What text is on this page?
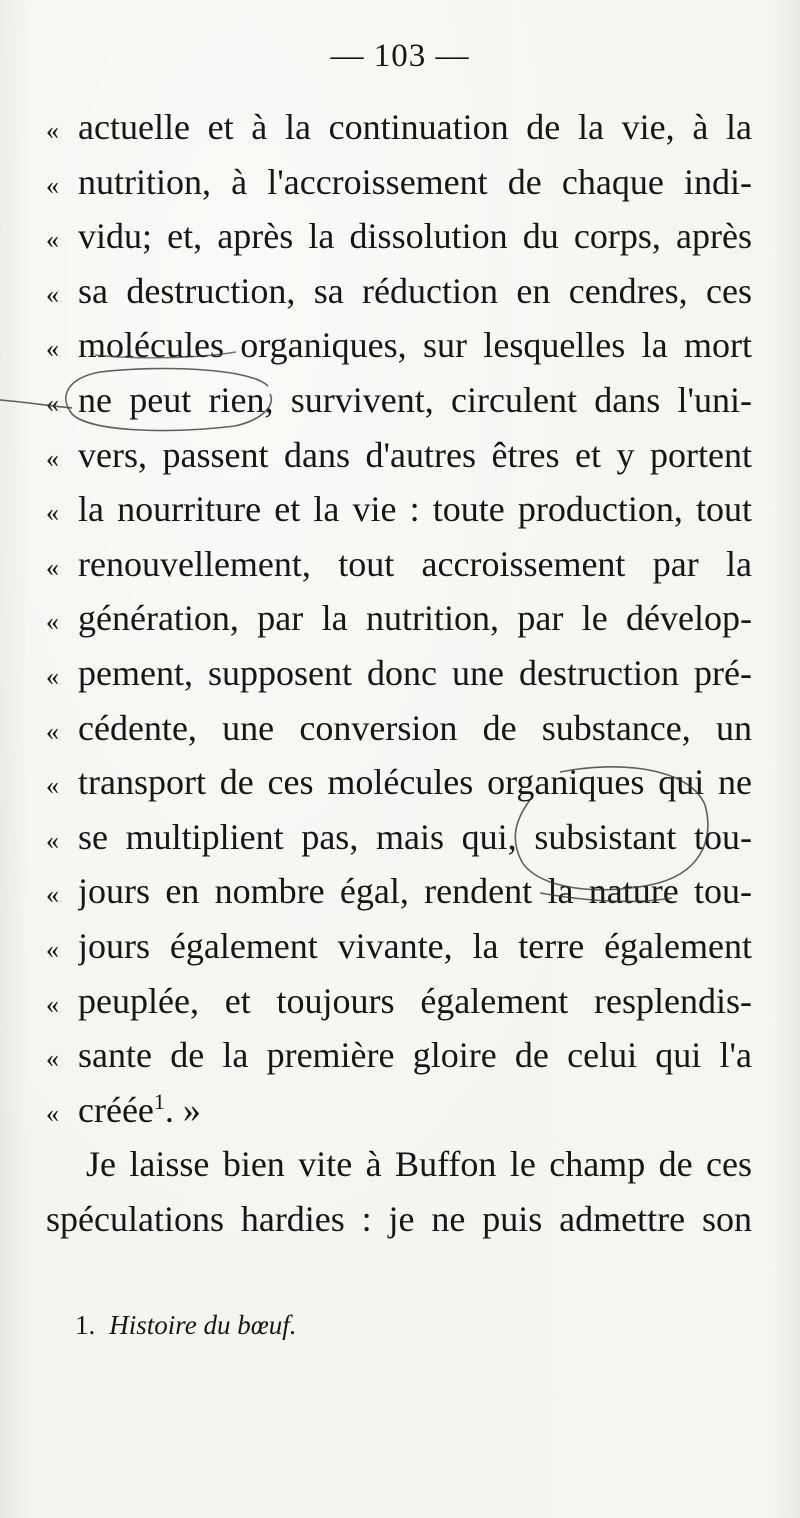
— 103 —
« actuelle et à la continuation de la vie, à la
« nutrition, à l'accroissement de chaque indi-
« vidu; et, après la dissolution du corps, après
« sa destruction, sa réduction en cendres, ces
« molécules organiques, sur lesquelles la mort
« ne peut rien, survivent, circulent dans l'uni-
« vers, passent dans d'autres êtres et y portent
« la nourriture et la vie : toute production, tout
« renouvellement, tout accroissement par la
« génération, par la nutrition, par le dévelop-
« pement, supposent donc une destruction pré-
« cédente, une conversion de substance, un
« transport de ces molécules organiques qui ne
« se multiplient pas, mais qui, subsistant tou-
« jours en nombre égal, rendent la nature tou-
« jours également vivante, la terre également
« peuplée, et toujours également resplendis-
« sante de la première gloire de celui qui l'a
« créée$^1$. »
Je laisse bien vite à Buffon le champ de ces
spéculations hardies : je ne puis admettre son
1. Histoire du bœuf.
